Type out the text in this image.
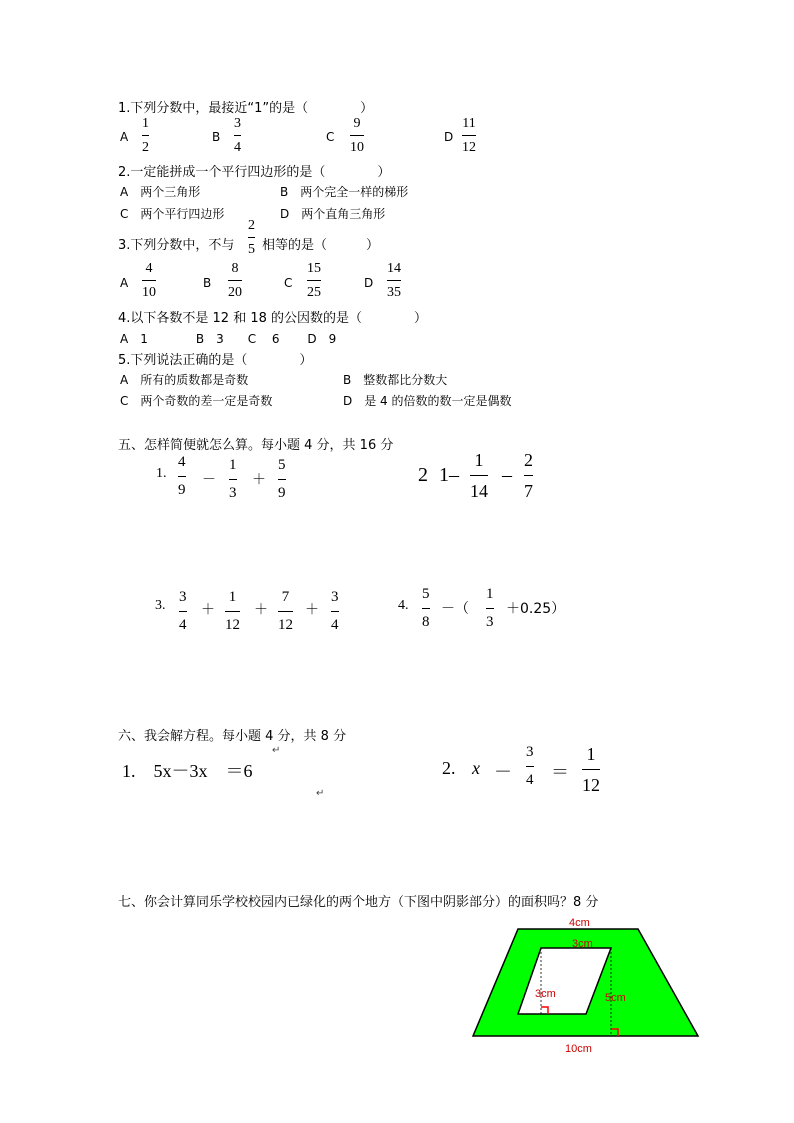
1.下列分数中，最接近“1”的是（　　　　）
A
1
2
B
3
4
C
9
10
D
11
12
2.一定能拼成一个平行四边形的是（　　　　）
A　两个三角形	B　两个完全一样的梯形
C　两个平行四边形	D　两个直角三角形
3.下列分数中，不与
2
5 相等的是（　　　）
A
4
10
B
8
20
C
15
25
D
14
35
4.以下各数不是 12 和 18 的公因数的是（　　　　）
A　1　　　　B　3　　C　 6　　 D　9
5.下列说法正确的是（　　　　）
A　所有的质数都是奇数	B　整数都比分数大
C　两个奇数的差一定是奇数	D　是 4 的倍数的数一定是偶数
五、怎样简便就怎么算。每小题 4 分，共 16 分
1.
4
9
－
1
3
＋
5
9
2 1–
1
14
–
2
7
3.
3
4
＋
1
12
＋
7
12
＋
3
4
4.
5
8
－（
1
3
＋0.25）
六、我会解方程。每小题 4 分，共 8 分
↵
1.　5x－3x　＝6
↵
2. x －
3
4 ＝
1
12
七、你会计算同乐学校校园内已绿化的两个地方（下图中阴影部分）的面积吗？8 分
4cm
3cm
3cm	5cm
10cm
